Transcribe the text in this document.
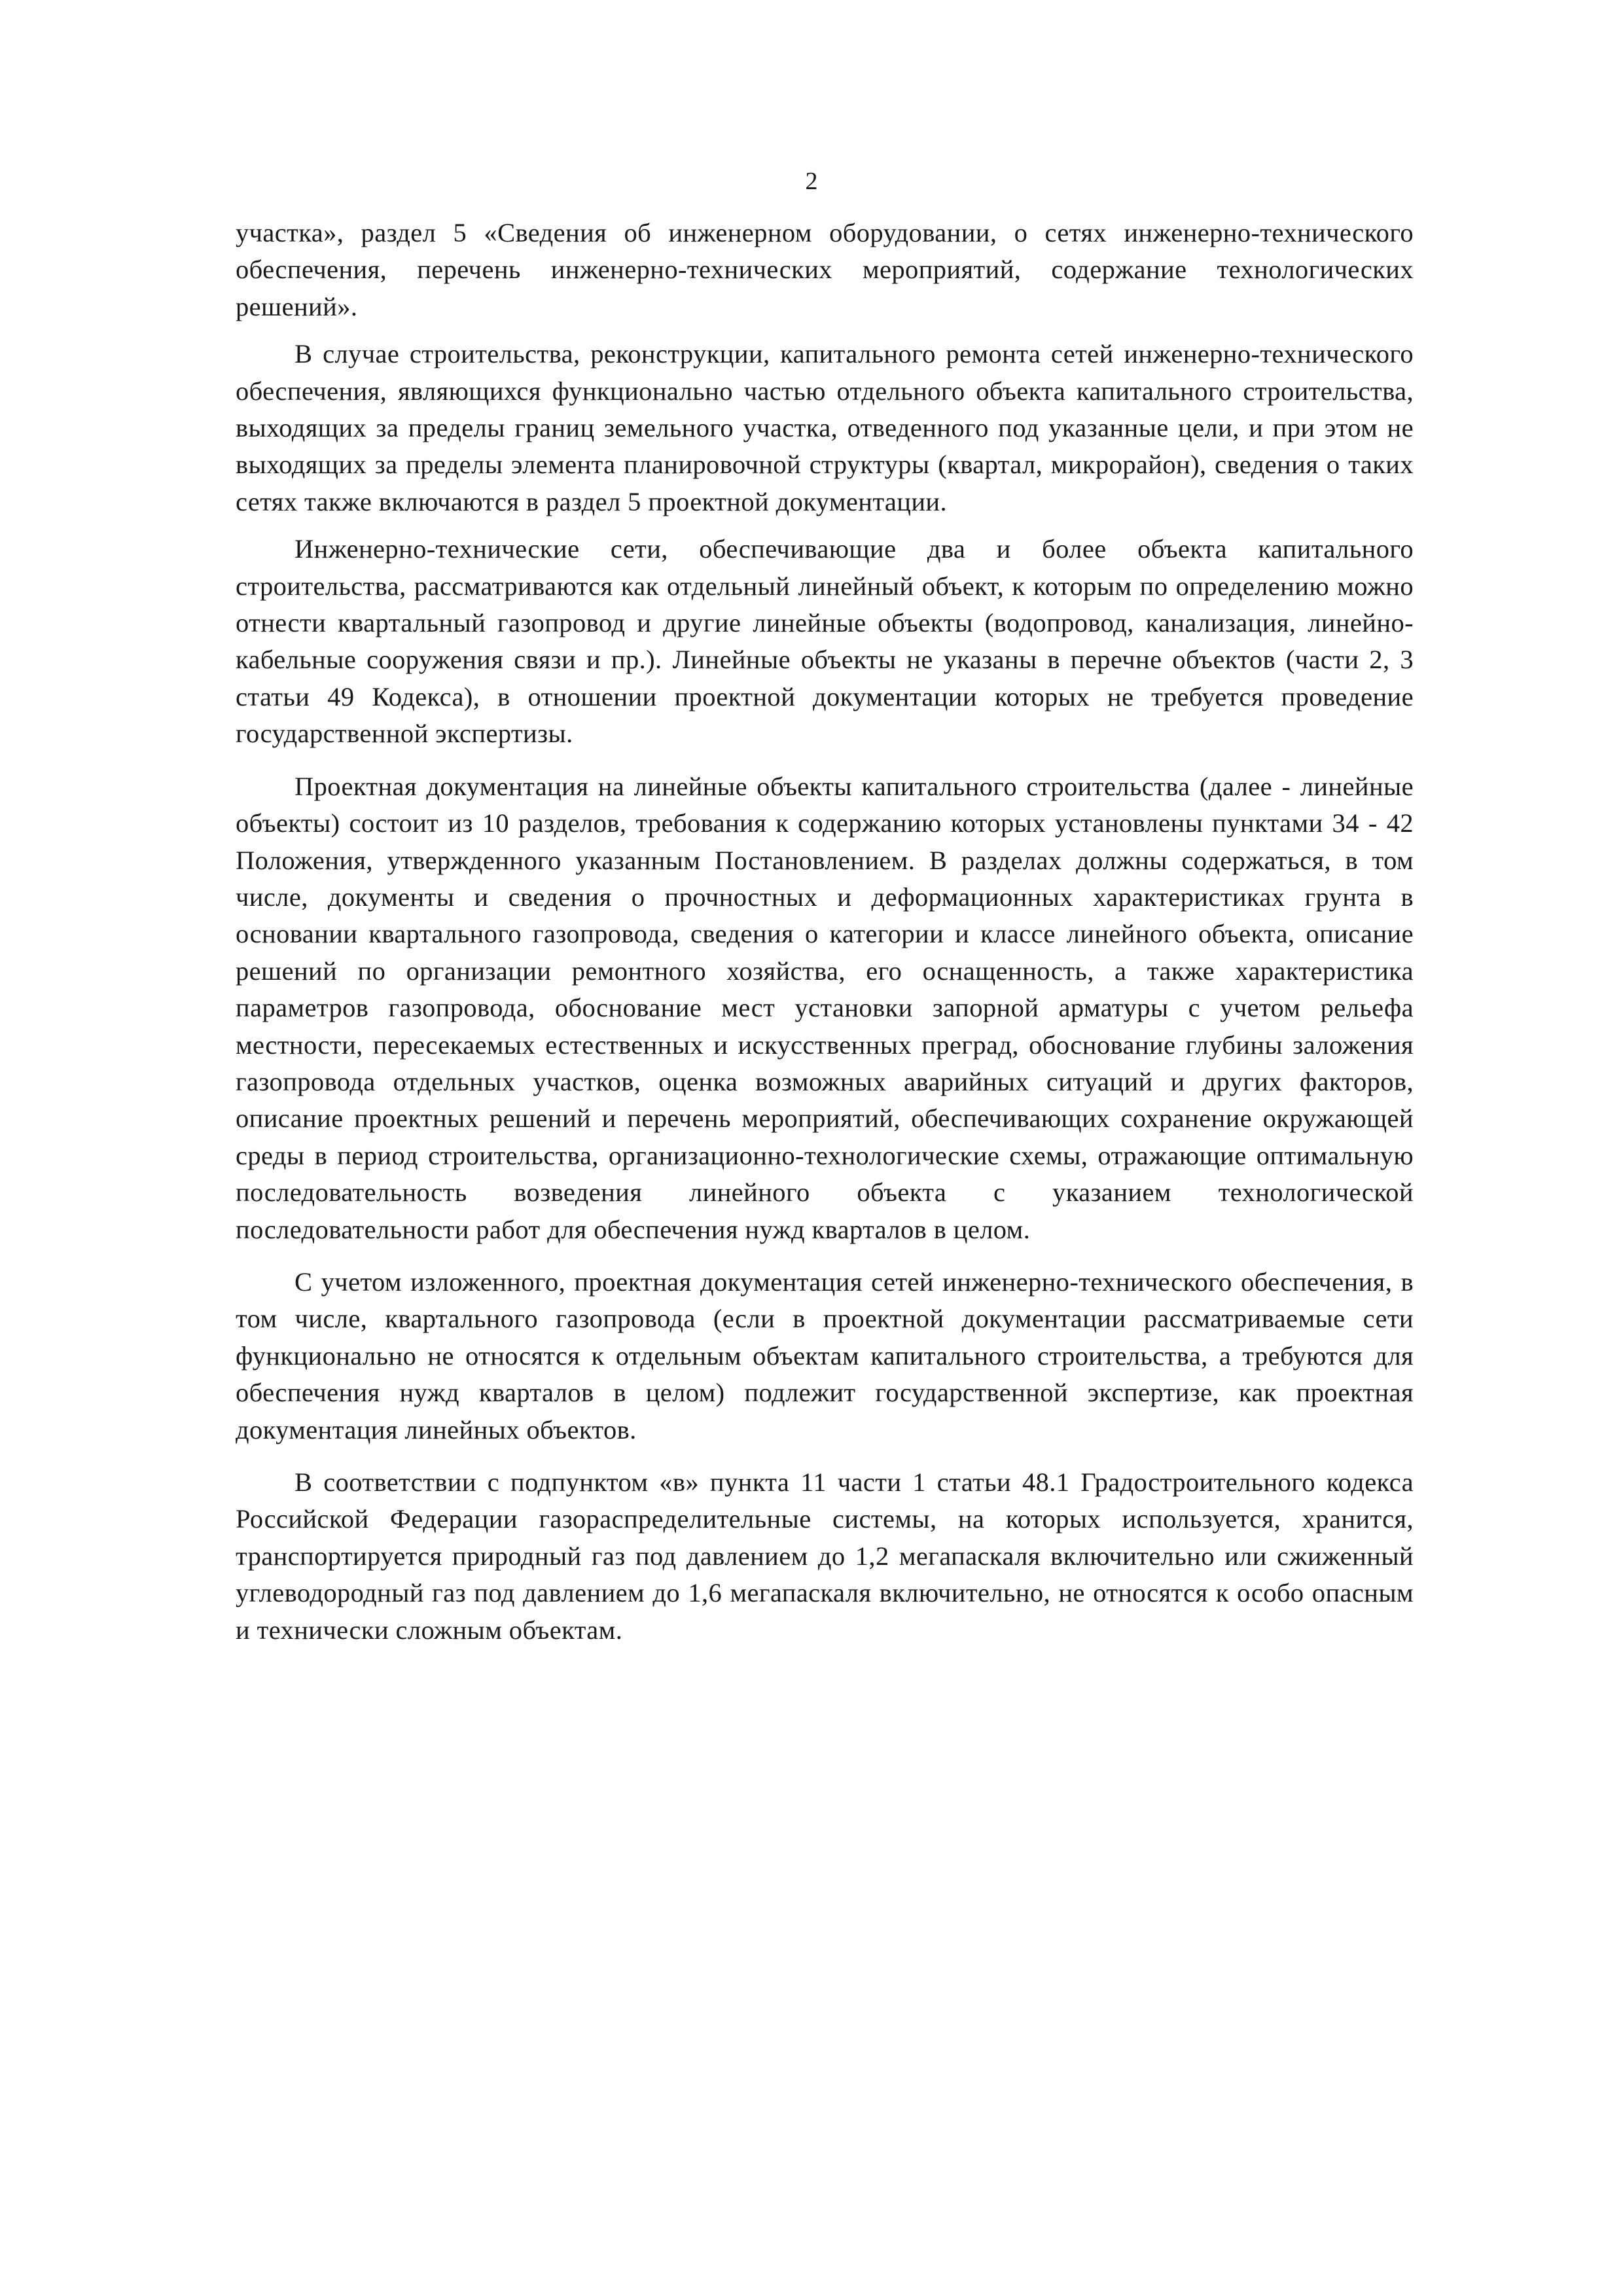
2

участка», раздел 5 «Сведения об инженерном оборудовании, о сетях инженерно-технического обеспечения, перечень инженерно-технических мероприятий, содержание технологических решений».

В случае строительства, реконструкции, капитального ремонта сетей инженерно-технического обеспечения, являющихся функционально частью отдельного объекта капитального строительства, выходящих за пределы границ земельного участка, отведенного под указанные цели, и при этом не выходящих за пределы элемента планировочной структуры (квартал, микрорайон), сведения о таких сетях также включаются в раздел 5 проектной документации.

Инженерно-технические сети, обеспечивающие два и более объекта капитального строительства, рассматриваются как отдельный линейный объект, к которым по определению можно отнести квартальный газопровод и другие линейные объекты (водопровод, канализация, линейно-кабельные сооружения связи и пр.). Линейные объекты не указаны в перечне объектов (части 2, 3 статьи 49 Кодекса), в отношении проектной документации которых не требуется проведение государственной экспертизы.

Проектная документация на линейные объекты капитального строительства (далее - линейные объекты) состоит из 10 разделов, требования к содержанию которых установлены пунктами 34 - 42 Положения, утвержденного указанным Постановлением. В разделах должны содержаться, в том числе, документы и сведения о прочностных и деформационных характеристиках грунта в основании квартального газопровода, сведения о категории и классе линейного объекта, описание решений по организации ремонтного хозяйства, его оснащенность, а также характеристика параметров газопровода, обоснование мест установки запорной арматуры с учетом рельефа местности, пересекаемых естественных и искусственных преград, обоснование глубины заложения газопровода отдельных участков, оценка возможных аварийных ситуаций и других факторов, описание проектных решений и перечень мероприятий, обеспечивающих сохранение окружающей среды в период строительства, организационно-технологические схемы, отражающие оптимальную последовательность возведения линейного объекта с указанием технологической последовательности работ для обеспечения нужд кварталов в целом.

С учетом изложенного, проектная документация сетей инженерно-технического обеспечения, в том числе, квартального газопровода (если в проектной документации рассматриваемые сети функционально не относятся к отдельным объектам капитального строительства, а требуются для обеспечения нужд кварталов в целом) подлежит государственной экспертизе, как проектная документация линейных объектов.

В соответствии с подпунктом «в» пункта 11 части 1 статьи 48.1 Градостроительного кодекса Российской Федерации газораспределительные системы, на которых используется, хранится, транспортируется природный газ под давлением до 1,2 мегапаскаля включительно или сжиженный углеводородный газ под давлением до 1,6 мегапаскаля включительно, не относятся к особо опасным и технически сложным объектам.
